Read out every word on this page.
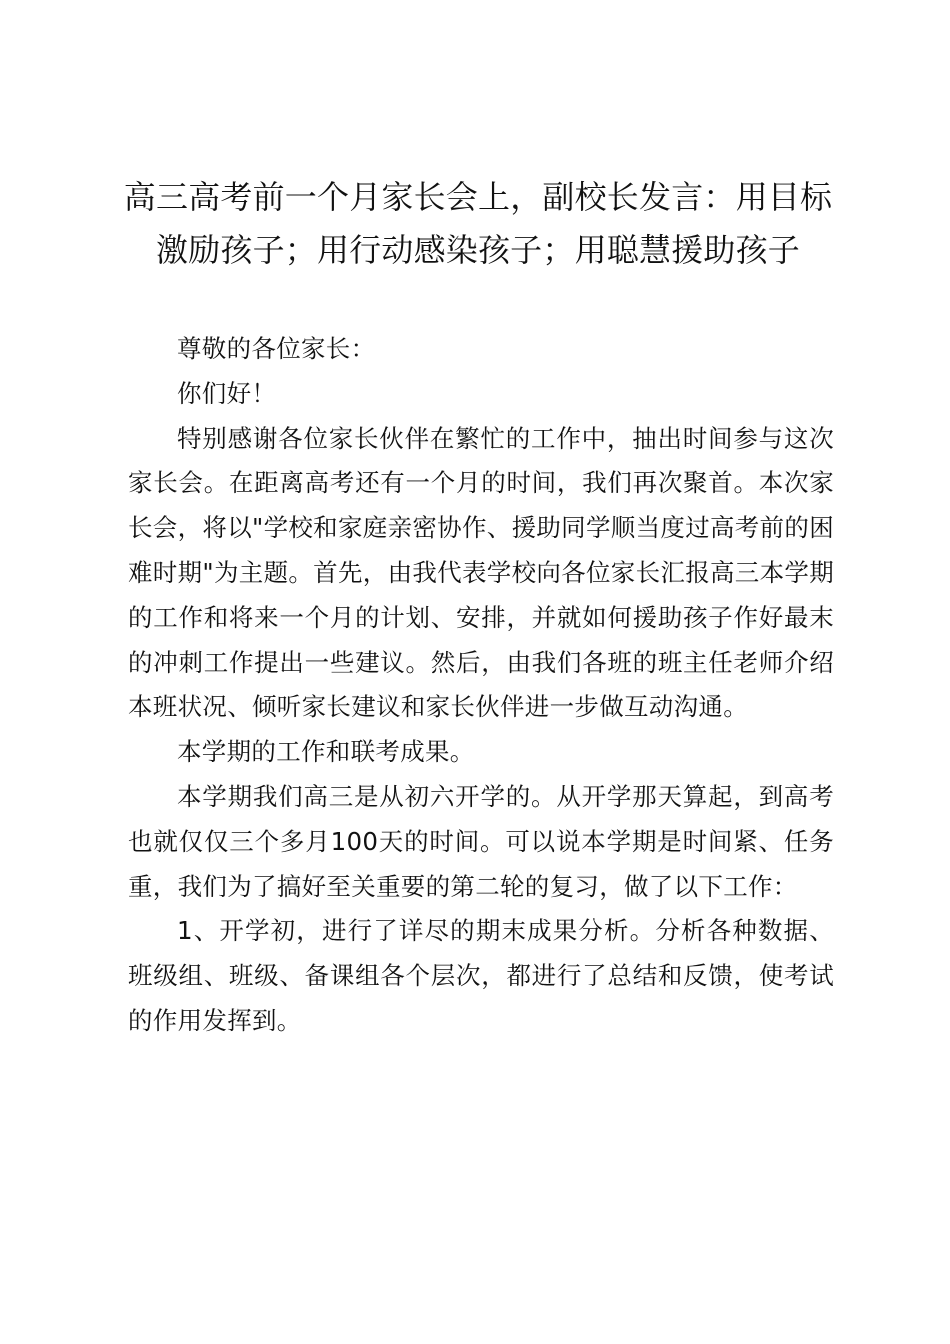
高三高考前一个月家长会上，副校长发言：用目标激励孩子；用行动感染孩子；用聪慧援助孩子

尊敬的各位家长：

你们好！

特别感谢各位家长伙伴在繁忙的工作中，抽出时间参与这次家长会。在距离高考还有一个月的时间，我们再次聚首。本次家长会，将以"学校和家庭亲密协作、援助同学顺当度过高考前的困难时期"为主题。首先，由我代表学校向各位家长汇报高三本学期的工作和将来一个月的计划、安排，并就如何援助孩子作好最末的冲刺工作提出一些建议。然后，由我们各班的班主任老师介绍本班状况、倾听家长建议和家长伙伴进一步做互动沟通。

本学期的工作和联考成果。

本学期我们高三是从初六开学的。从开学那天算起，到高考也就仅仅三个多月100天的时间。可以说本学期是时间紧、任务重，我们为了搞好至关重要的第二轮的复习，做了以下工作：

1、开学初，进行了详尽的期末成果分析。分析各种数据、班级组、班级、备课组各个层次，都进行了总结和反馈，使考试的作用发挥到。
